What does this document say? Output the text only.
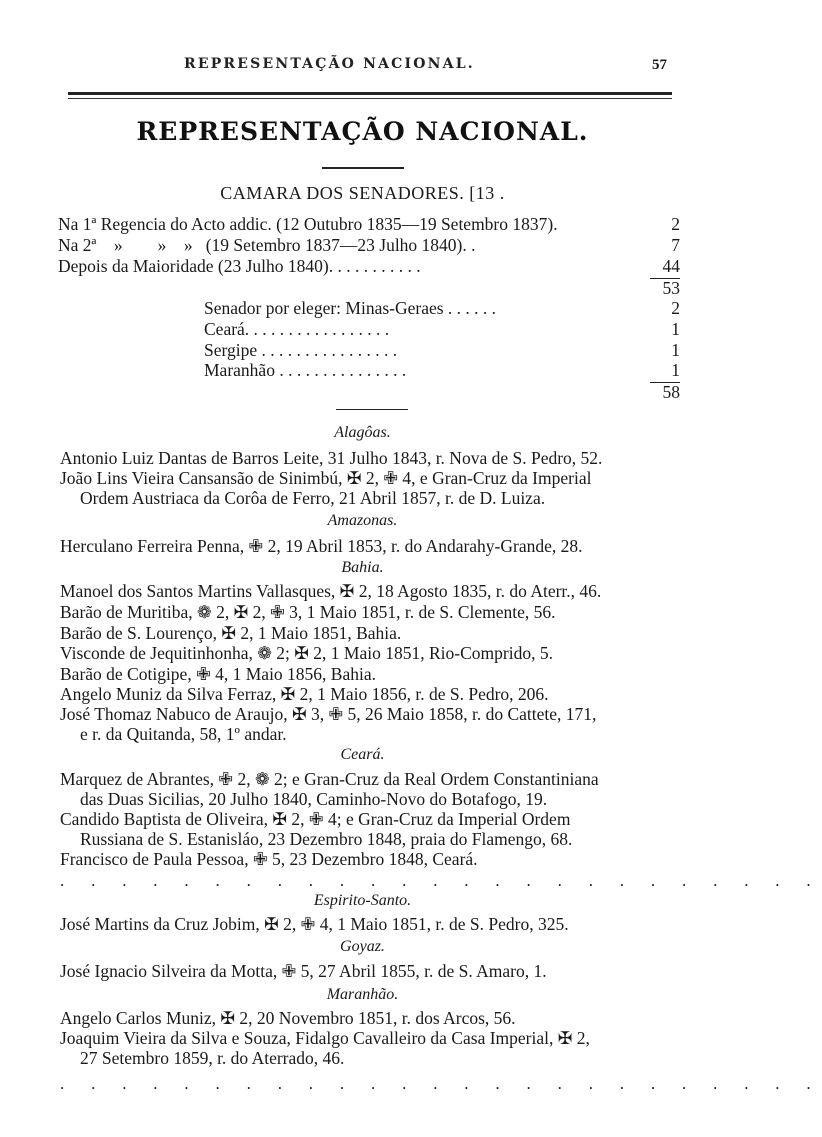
REPRESENTAÇÃO NACIONAL.	57
REPRESENTAÇÃO NACIONAL.
CAMARA DOS SENADORES. [13 .
Na 1ª Regencia do Acto addic. (12 Outubro 1835—19 Setembro 1837).	2
Na 2ª    »        »    »   (19 Setembro 1837—23 Julho 1840). .	7
Depois da Maioridade (23 Julho 1840). . . . . . . . . . .	44
53
Senador por eleger: Minas-Geraes . . . . . .	2
Ceará. . . . . . . . . . . . . . . . .	1
Sergipe . . . . . . . . . . . . . . . .	1
Maranhão . . . . . . . . . . . . . . .	1
58
Alagôas.
Antonio Luiz Dantas de Barros Leite, 31 Julho 1843, r. Nova de S. Pedro, 52.
João Lins Vieira Cansansão de Sinimbú, ✠ 2, ✙ 4, e Gran-Cruz da Imperial
Ordem Austriaca da Corôa de Ferro, 21 Abril 1857, r. de D. Luiza.
Amazonas.
Herculano Ferreira Penna, ✙ 2, 19 Abril 1853, r. do Andarahy-Grande, 28.
Bahia.
Manoel dos Santos Martins Vallasques, ✠ 2, 18 Agosto 1835, r. do Aterr., 46.
Barão de Muritiba, ❁ 2, ✠ 2, ✙ 3, 1 Maio 1851, r. de S. Clemente, 56.
Barão de S. Lourenço, ✠ 2, 1 Maio 1851, Bahia.
Visconde de Jequitinhonha, ❁ 2; ✠ 2, 1 Maio 1851, Rio-Comprido, 5.
Barão de Cotigipe, ✙ 4, 1 Maio 1856, Bahia.
Angelo Muniz da Silva Ferraz, ✠ 2, 1 Maio 1856, r. de S. Pedro, 206.
José Thomaz Nabuco de Araujo, ✠ 3, ✙ 5, 26 Maio 1858, r. do Cattete, 171,
e r. da Quitanda, 58, 1º andar.
Ceará.
Marquez de Abrantes, ✙ 2, ❁ 2; e Gran-Cruz da Real Ordem Constantiniana
das Duas Sicilias, 20 Julho 1840, Caminho-Novo do Botafogo, 19.
Candido Baptista de Oliveira, ✠ 2, ✙ 4; e Gran-Cruz da Imperial Ordem
Russiana de S. Estanisláo, 23 Dezembro 1848, praia do Flamengo, 68.
Francisco de Paula Pessoa, ✙ 5, 23 Dezembro 1848, Ceará.
. . . . . . . . . . . . . . . . . . . . . . . . .
Espirito-Santo.
José Martins da Cruz Jobim, ✠ 2, ✙ 4, 1 Maio 1851, r. de S. Pedro, 325.
Goyaz.
José Ignacio Silveira da Motta, ✙ 5, 27 Abril 1855, r. de S. Amaro, 1.
Maranhão.
Angelo Carlos Muniz, ✠ 2, 20 Novembro 1851, r. dos Arcos, 56.
Joaquim Vieira da Silva e Souza, Fidalgo Cavalleiro da Casa Imperial, ✠ 2,
27 Setembro 1859, r. do Aterrado, 46.
. . . . . . . . . . . . . . . . . . . . . . . . .
